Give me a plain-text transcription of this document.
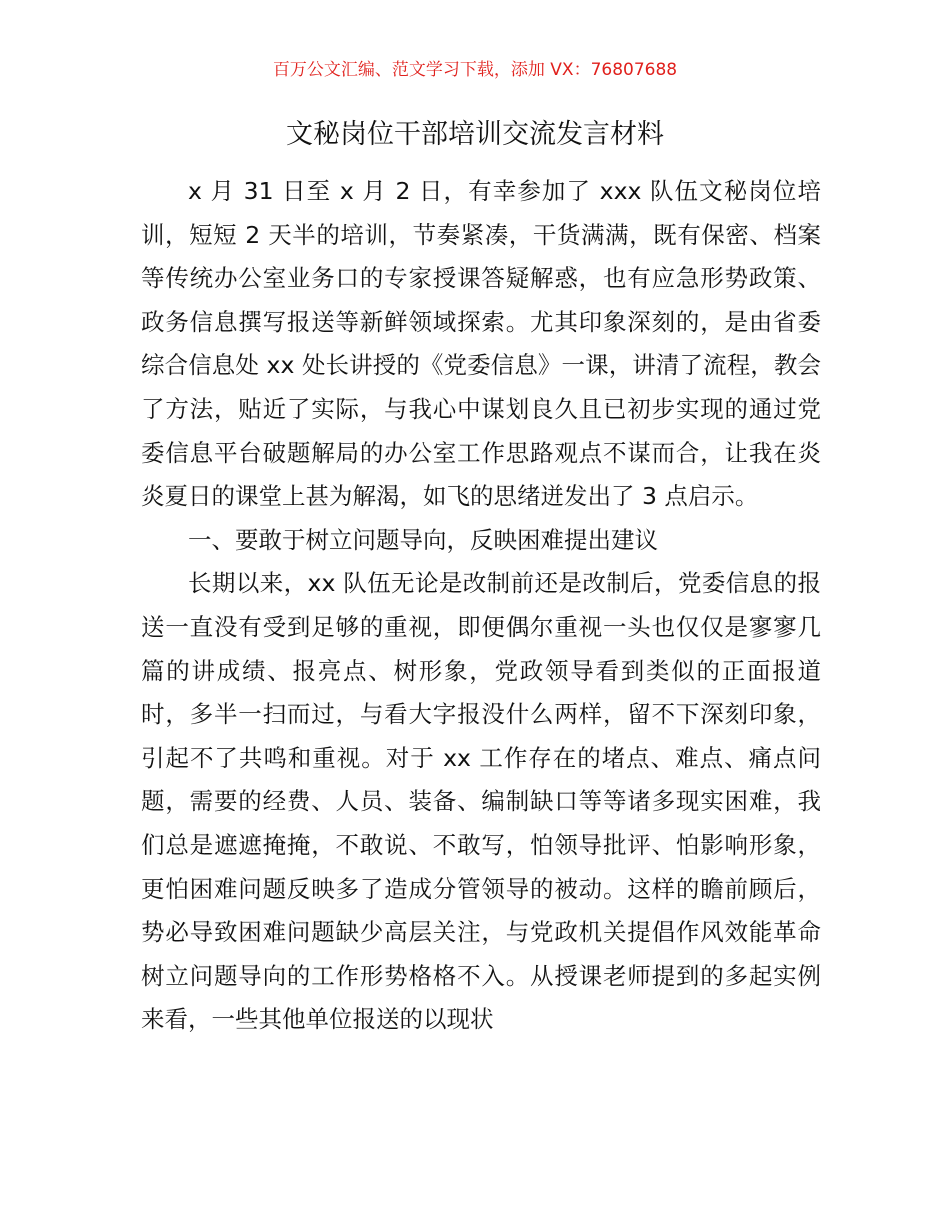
百万公文汇编、范文学习下载，添加 VX：76807688
文秘岗位干部培训交流发言材料

x 月 31 日至 x 月 2 日，有幸参加了 xxx 队伍文秘岗位培训，短短 2 天半的培训，节奏紧凑，干货满满，既有保密、档案等传统办公室业务口的专家授课答疑解惑，也有应急形势政策、政务信息撰写报送等新鲜领域探索。尤其印象深刻的，是由省委综合信息处 xx 处长讲授的《党委信息》一课，讲清了流程，教会了方法，贴近了实际，与我心中谋划良久且已初步实现的通过党委信息平台破题解局的办公室工作思路观点不谋而合，让我在炎炎夏日的课堂上甚为解渴，如飞的思绪迸发出了 3 点启示。

一、要敢于树立问题导向，反映困难提出建议

长期以来，xx 队伍无论是改制前还是改制后，党委信息的报送一直没有受到足够的重视，即便偶尔重视一头也仅仅是寥寥几篇的讲成绩、报亮点、树形象，党政领导看到类似的正面报道时，多半一扫而过，与看大字报没什么两样，留不下深刻印象，引起不了共鸣和重视。对于 xx 工作存在的堵点、难点、痛点问题，需要的经费、人员、装备、编制缺口等等诸多现实困难，我们总是遮遮掩掩，不敢说、不敢写，怕领导批评、怕影响形象，更怕困难问题反映多了造成分管领导的被动。这样的瞻前顾后，势必导致困难问题缺少高层关注，与党政机关提倡作风效能革命树立问题导向的工作形势格格不入。从授课老师提到的多起实例来看，一些其他单位报送的以现状
